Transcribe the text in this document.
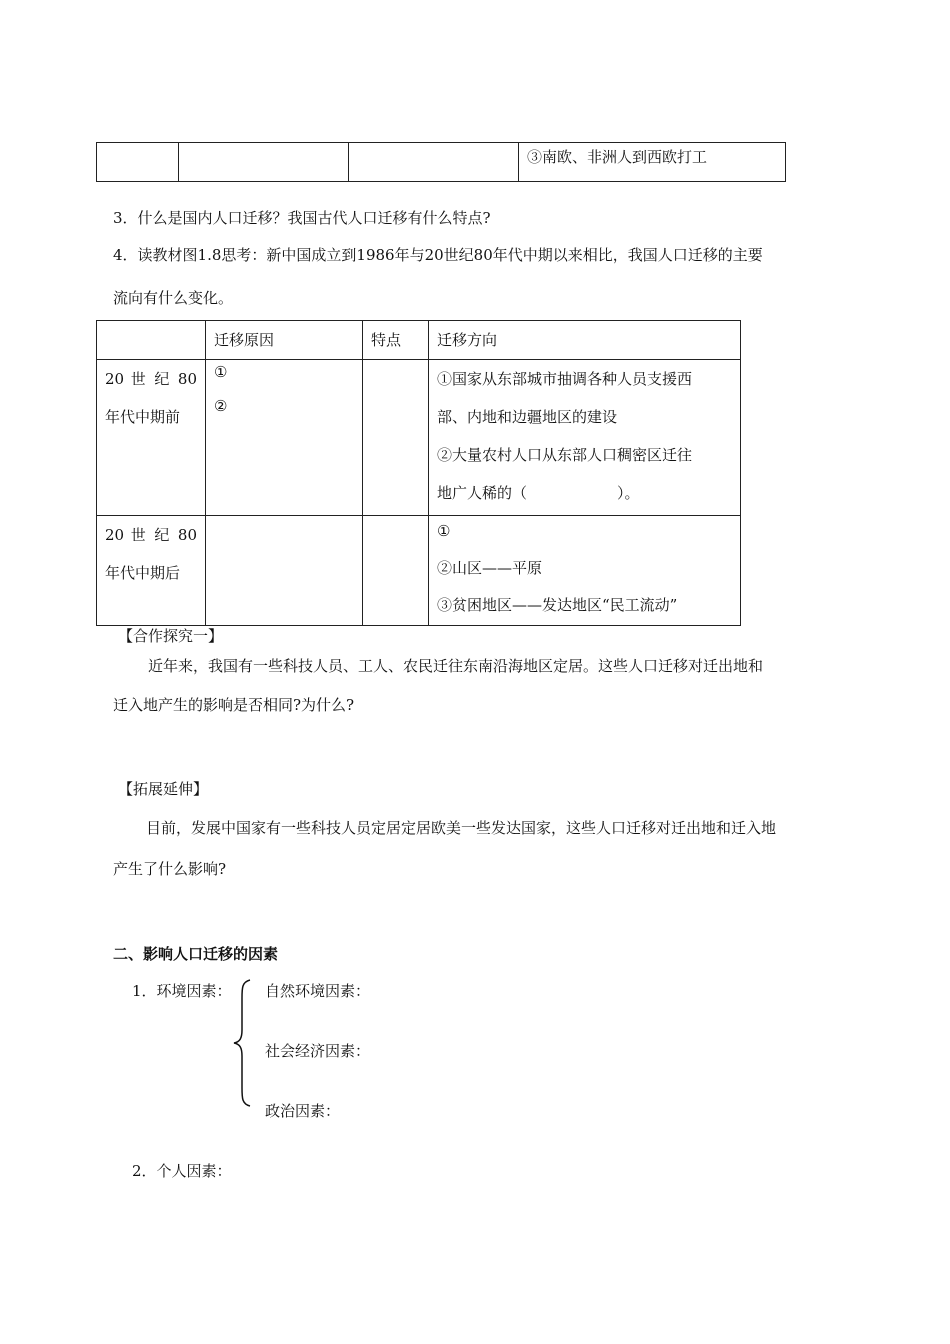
③南欧、非洲人到西欧打工
3．什么是国内人口迁移？我国古代人口迁移有什么特点?
4．读教材图1.8思考：新中国成立到1986年与20世纪80年代中期以来相比，我国人口迁移的主要
流向有什么变化。

	迁移原因	特点	迁移方向

20 世 纪 80
年代中期前	①
②		①国家从东部城市抽调各种人员支援西
部、内地和边疆地区的建设
②大量农村人口从东部人口稠密区迁往
地广人稀的（　　　　　　）。

20 世 纪 80
年代中期后			①
②山区——平原
③贫困地区——发达地区“民工流动”
【合作探究一】
近年来，我国有一些科技人员、工人、农民迁往东南沿海地区定居。这些人口迁移对迁出地和
迁入地产生的影响是否相同?为什么?
【拓展延伸】
目前，发展中国家有一些科技人员定居定居欧美一些发达国家，这些人口迁移对迁出地和迁入地
产生了什么影响?
二、影响人口迁移的因素
1．环境因素： 自然环境因素：
社会经济因素：
政治因素：
2．个人因素：
